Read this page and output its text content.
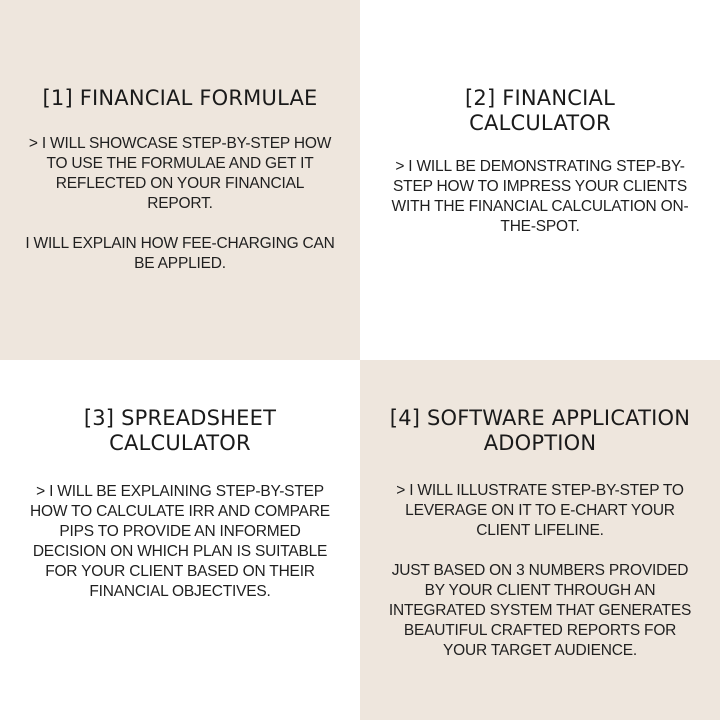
[1] FINANCIAL FORMULAE

> I WILL SHOWCASE STEP-BY-STEP HOW TO USE THE FORMULAE AND GET IT REFLECTED ON YOUR FINANCIAL REPORT.

I WILL EXPLAIN HOW FEE-CHARGING CAN BE APPLIED.

[2] FINANCIAL CALCULATOR

> I WILL BE DEMONSTRATING STEP-BY-STEP HOW TO IMPRESS YOUR CLIENTS WITH THE FINANCIAL CALCULATION ON-THE-SPOT.

[3] SPREADSHEET CALCULATOR

> I WILL BE EXPLAINING STEP-BY-STEP HOW TO CALCULATE IRR AND COMPARE PIPS TO PROVIDE AN INFORMED DECISION ON WHICH PLAN IS SUITABLE FOR YOUR CLIENT BASED ON THEIR FINANCIAL OBJECTIVES.

[4] SOFTWARE APPLICATION ADOPTION

> I WILL ILLUSTRATE STEP-BY-STEP TO LEVERAGE ON IT TO E-CHART YOUR CLIENT LIFELINE.

JUST BASED ON 3 NUMBERS PROVIDED BY YOUR CLIENT THROUGH AN INTEGRATED SYSTEM THAT GENERATES BEAUTIFUL CRAFTED REPORTS FOR YOUR TARGET AUDIENCE.
